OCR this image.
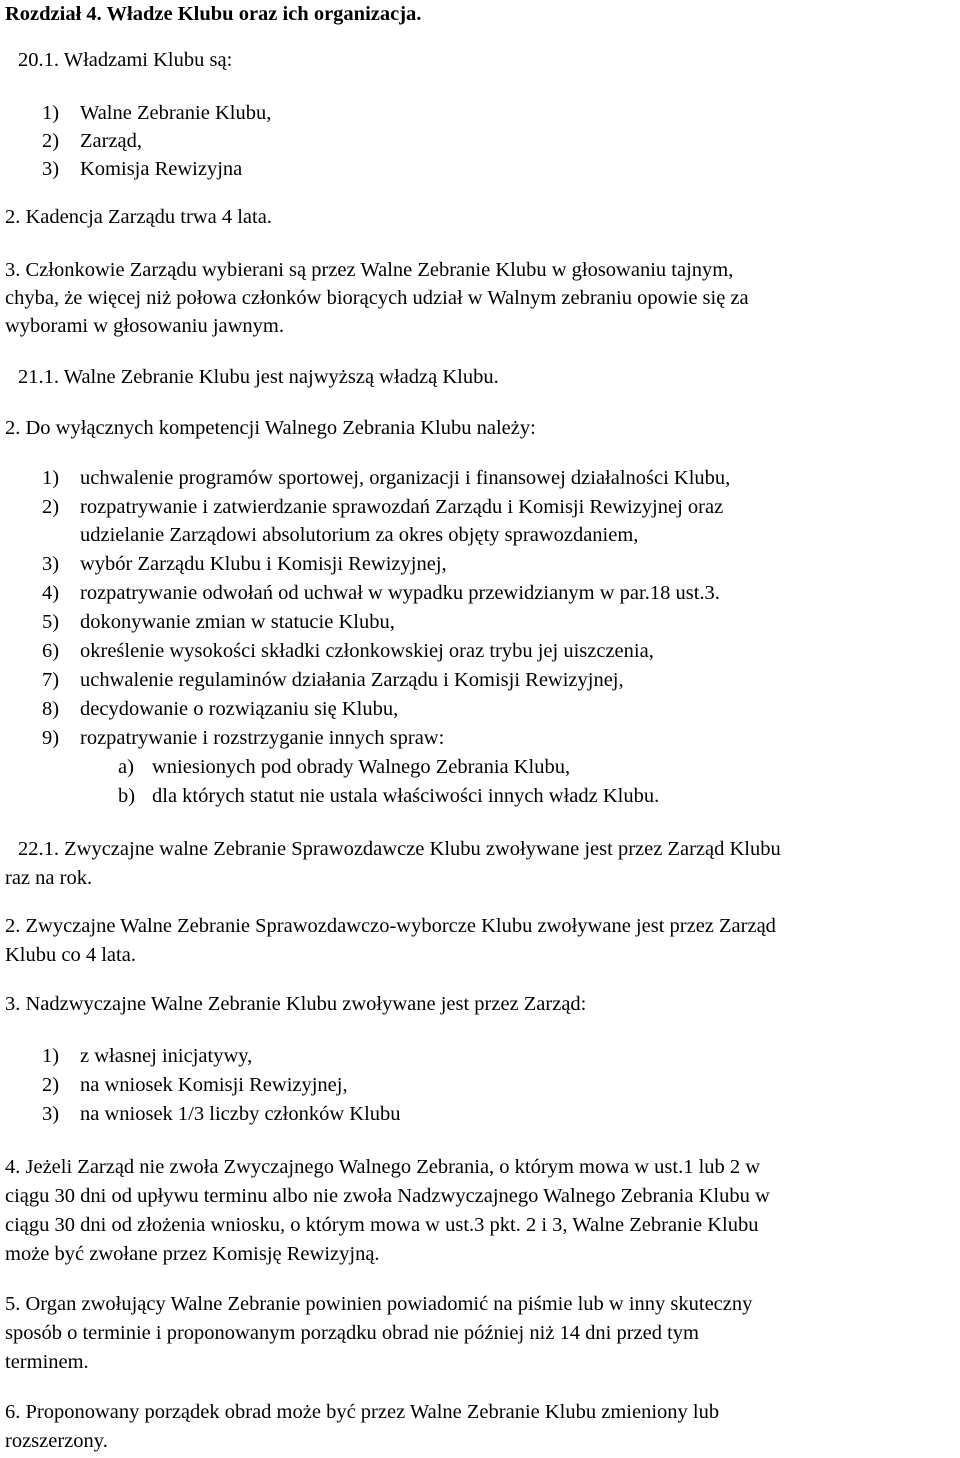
Rozdział 4. Władze Klubu oraz ich organizacja.
20.1. Władzami Klubu są:
1) Walne Zebranie Klubu,
2) Zarząd,
3) Komisja Rewizyjna
2. Kadencja Zarządu trwa 4 lata.
3. Członkowie Zarządu wybierani są przez Walne Zebranie Klubu w głosowaniu tajnym,
chyba, że więcej niż połowa członków biorących udział w Walnym zebraniu opowie się za
wyborami w głosowaniu jawnym.
21.1. Walne Zebranie Klubu jest najwyższą władzą Klubu.
2. Do wyłącznych kompetencji Walnego Zebrania Klubu należy:
1) uchwalenie programów sportowej, organizacji i finansowej działalności Klubu,
2) rozpatrywanie i zatwierdzanie sprawozdań Zarządu i Komisji Rewizyjnej oraz
udzielanie Zarządowi absolutorium za okres objęty sprawozdaniem,
3) wybór Zarządu Klubu i Komisji Rewizyjnej,
4) rozpatrywanie odwołań od uchwał w wypadku przewidzianym w par.18 ust.3.
5) dokonywanie zmian w statucie Klubu,
6) określenie wysokości składki członkowskiej oraz trybu jej uiszczenia,
7) uchwalenie regulaminów działania Zarządu i Komisji Rewizyjnej,
8) decydowanie o rozwiązaniu się Klubu,
9) rozpatrywanie i rozstrzyganie innych spraw:
a) wniesionych pod obrady Walnego Zebrania Klubu,
b) dla których statut nie ustala właściwości innych władz Klubu.
22.1. Zwyczajne walne Zebranie Sprawozdawcze Klubu zwoływane jest przez Zarząd Klubu
raz na rok.
2. Zwyczajne Walne Zebranie Sprawozdawczo-wyborcze Klubu zwoływane jest przez Zarząd
Klubu co 4 lata.
3. Nadzwyczajne Walne Zebranie Klubu zwoływane jest przez Zarząd:
1) z własnej inicjatywy,
2) na wniosek Komisji Rewizyjnej,
3) na wniosek 1/3 liczby członków Klubu
4. Jeżeli Zarząd nie zwoła Zwyczajnego Walnego Zebrania, o którym mowa w ust.1 lub 2 w
ciągu 30 dni od upływu terminu albo nie zwoła Nadzwyczajnego Walnego Zebrania Klubu w
ciągu 30 dni od złożenia wniosku, o którym mowa w ust.3 pkt. 2 i 3, Walne Zebranie Klubu
może być zwołane przez Komisję Rewizyjną.
5. Organ zwołujący Walne Zebranie powinien powiadomić na piśmie lub w inny skuteczny
sposób o terminie i proponowanym porządku obrad nie później niż 14 dni przed tym
terminem.
6. Proponowany porządek obrad może być przez Walne Zebranie Klubu zmieniony lub
rozszerzony.
